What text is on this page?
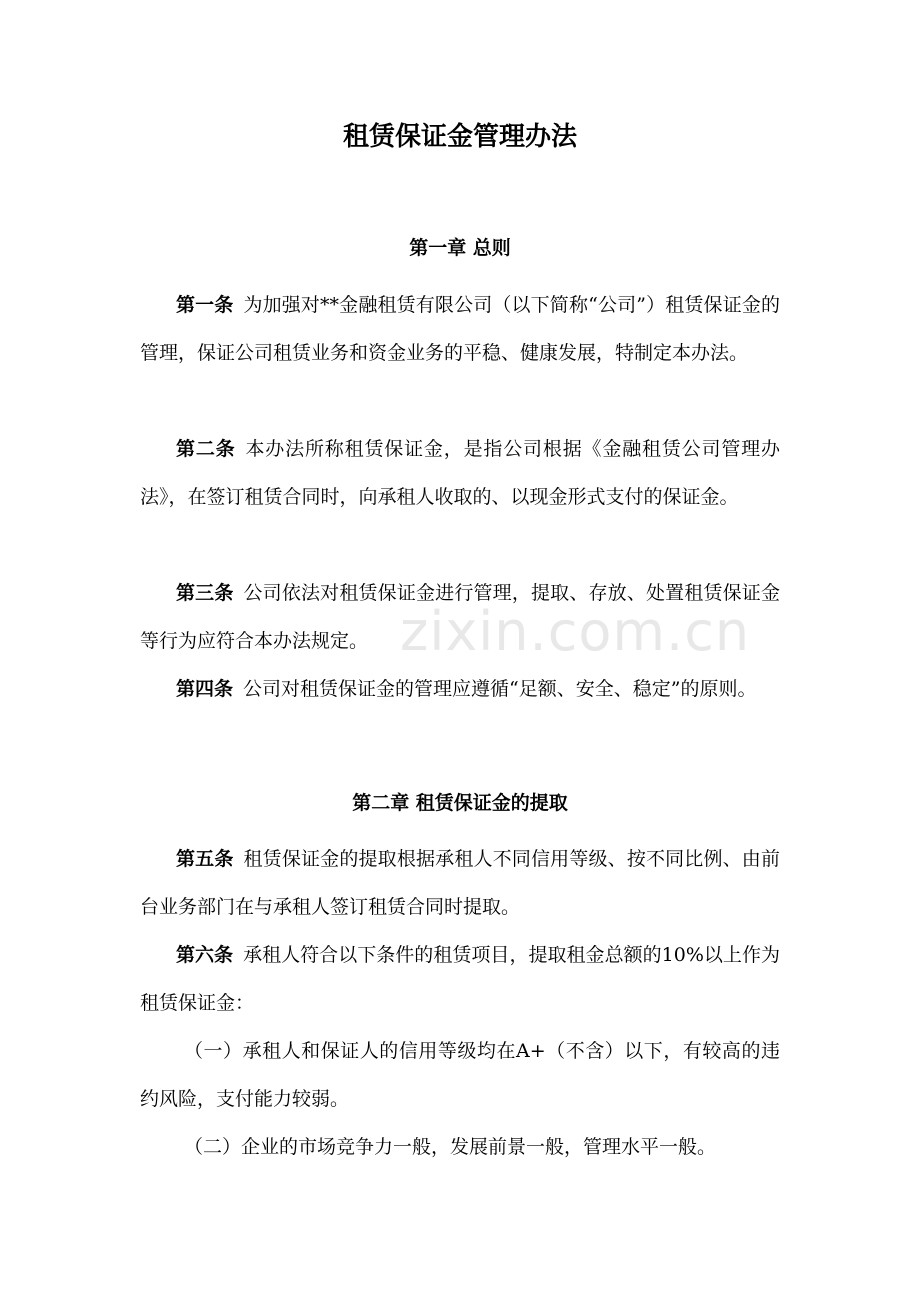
zixin.com.cn
租赁保证金管理办法
第一章 总则

第一条 为加强对**金融租赁有限公司（以下简称“公司”）租赁保证金的管理，保证公司租赁业务和资金业务的平稳、健康发展，特制定本办法。

第二条 本办法所称租赁保证金，是指公司根据《金融租赁公司管理办法》，在签订租赁合同时，向承租人收取的、以现金形式支付的保证金。

第三条 公司依法对租赁保证金进行管理，提取、存放、处置租赁保证金等行为应符合本办法规定。

第四条 公司对租赁保证金的管理应遵循“足额、安全、稳定”的原则。

第二章 租赁保证金的提取

第五条 租赁保证金的提取根据承租人不同信用等级、按不同比例、由前台业务部门在与承租人签订租赁合同时提取。

第六条 承租人符合以下条件的租赁项目，提取租金总额的10%以上作为租赁保证金：

（一）承租人和保证人的信用等级均在A+（不含）以下，有较高的违约风险，支付能力较弱。

（二）企业的市场竞争力一般，发展前景一般，管理水平一般。
